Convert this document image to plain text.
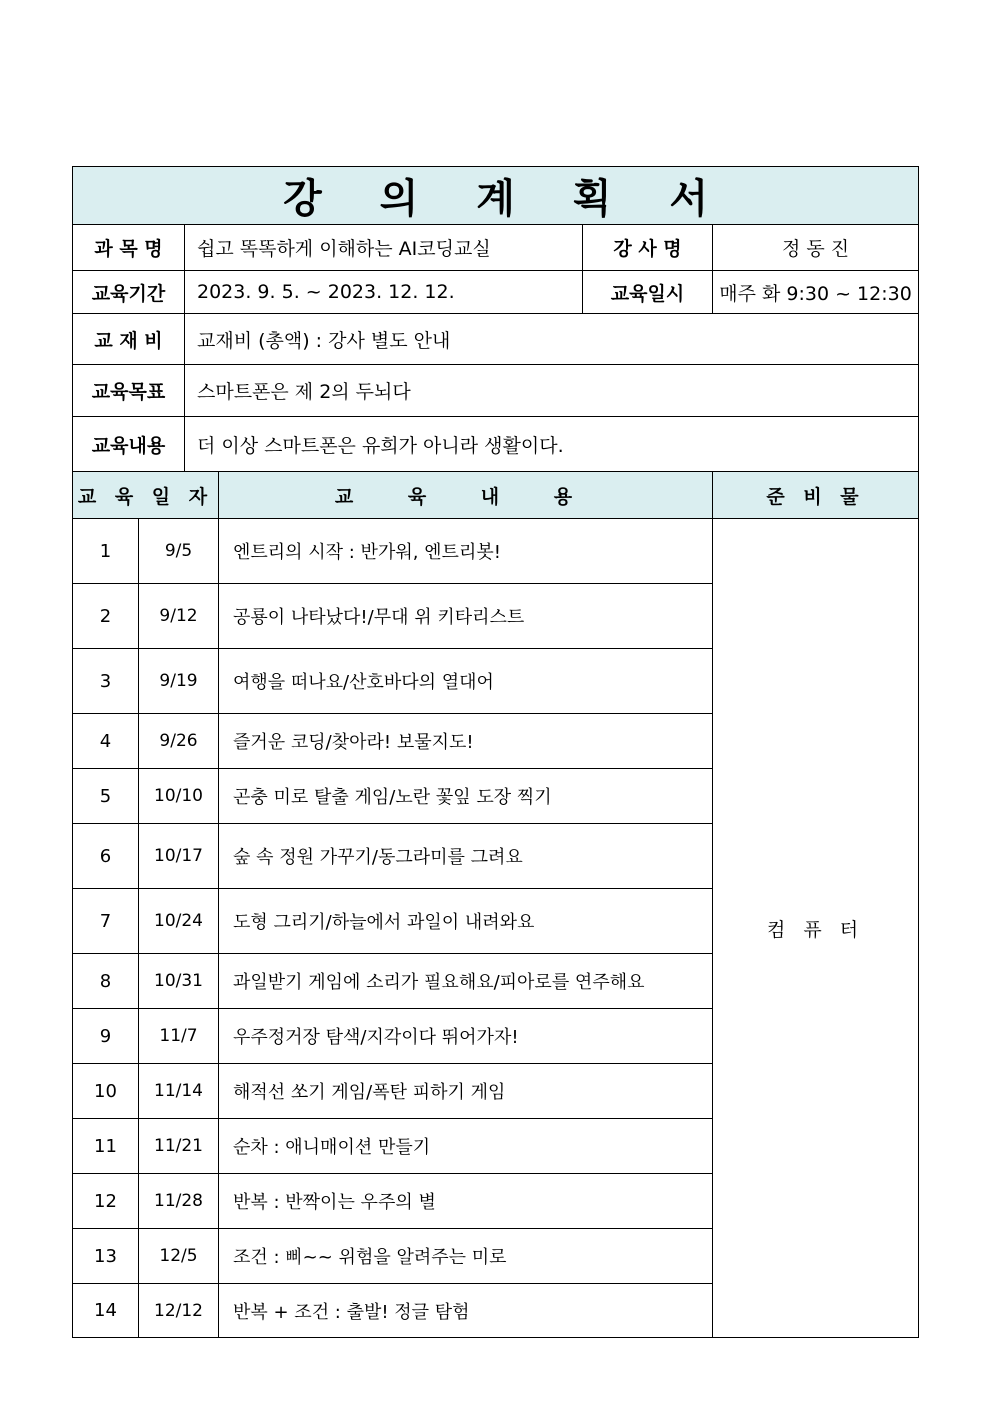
강 의 계 획 서					
과 목 명		쉽고 똑똑하게 이해하는 AI코딩교실		강 사 명	정 동 진
교육기간		2023. 9. 5. ~ 2023. 12. 12.		교육일시	매주 화 9:30 ~ 12:30
교 재 비		교재비 (총액) : 강사 별도 안내			
교육목표		스마트폰은 제 2의 두뇌다			
교육내용		더 이상 스마트폰은 유희가 아니라 생활이다.			
교 육 일 자			교 육 내 용		준 비 물
1	9/5		엔트리의 시작 : 반가워, 엔트리봇!		컴 퓨 터
2	9/12		공룡이 나타났다!/무대 위 키타리스트		
3	9/19		여행을 떠나요/산호바다의 열대어		
4	9/26		즐거운 코딩/찾아라! 보물지도!		
5	10/10		곤충 미로 탈출 게임/노란 꽃잎 도장 찍기		
6	10/17		숲 속 정원 가꾸기/동그라미를 그려요		
7	10/24		도형 그리기/하늘에서 과일이 내려와요		
8	10/31		과일받기 게임에 소리가 필요해요/피아로를 연주해요		
9	11/7		우주정거장 탐색/지각이다 뛰어가자!		
10	11/14		해적선 쏘기 게임/폭탄 피하기 게임		
11	11/21		순차 : 애니매이션 만들기		
12	11/28		반복 : 반짝이는 우주의 별		
13	12/5		조건 : 삐~~ 위험을 알려주는 미로		
14	12/12		반복 + 조건 : 출발! 정글 탐험		
